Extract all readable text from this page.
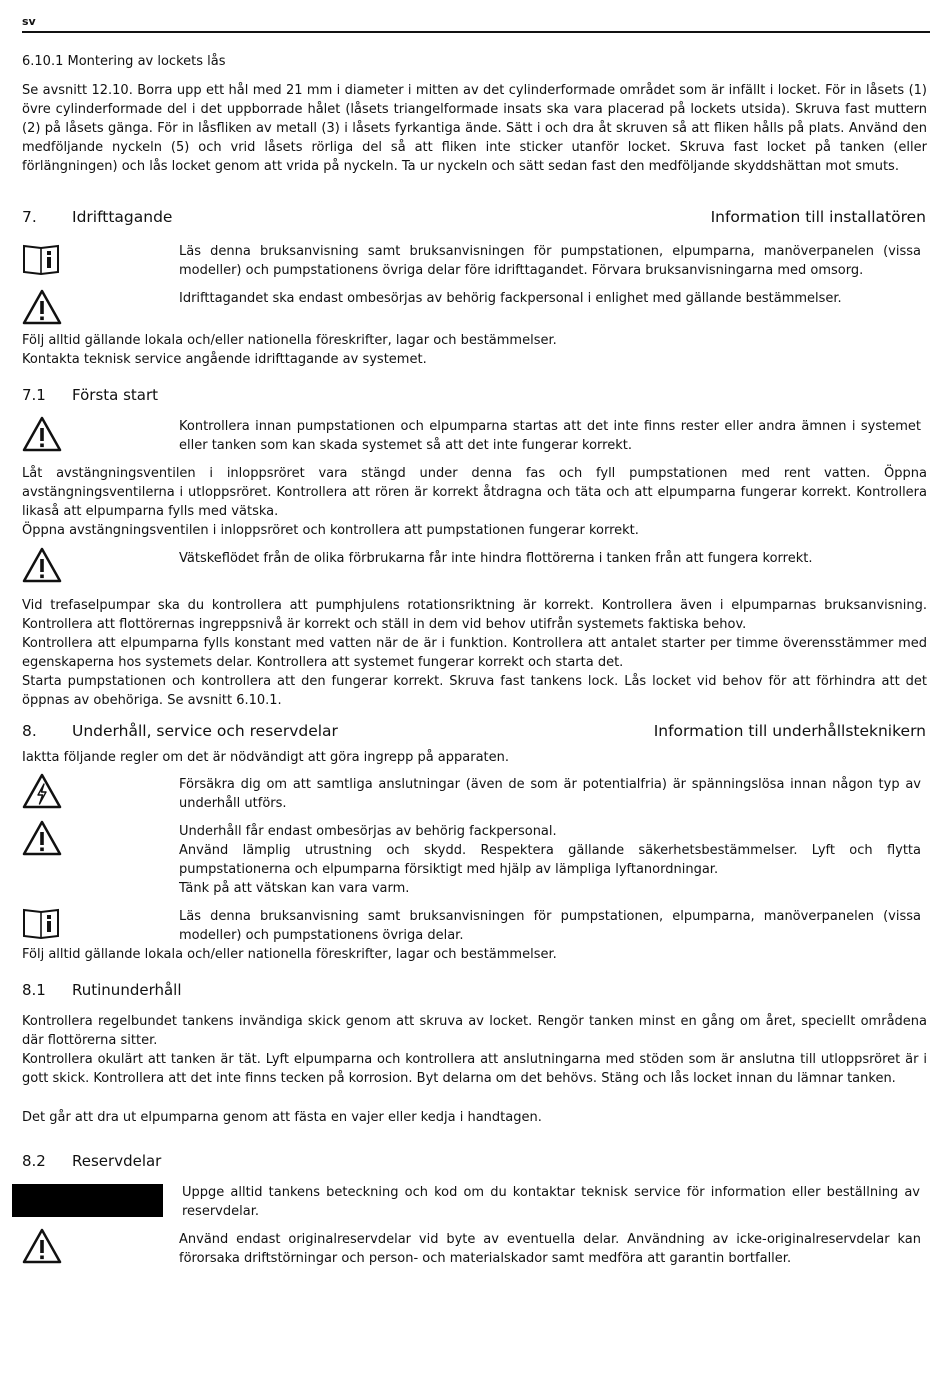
sv
6.10.1 Montering av lockets lås

Se avsnitt 12.10. Borra upp ett hål med 21 mm i diameter i mitten av det cylinderformade området som är infällt i locket. För in låsets (1) övre cylinderformade del i det uppborrade hålet (låsets triangelformade insats ska vara placerad på lockets utsida). Skruva fast muttern (2) på låsets gänga. För in låsfliken av metall (3) i låsets fyrkantiga ände. Sätt i och dra åt skruven så att fliken hålls på plats. Använd den medföljande nyckeln (5) och vrid låsets rörliga del så att fliken inte sticker utanför locket. Skruva fast locket på tanken (eller förlängningen) och lås locket genom att vrida på nyckeln. Ta ur nyckeln och sätt sedan fast den medföljande skyddshättan mot smuts.

7.	Idrifttagande	Information till installatören

Läs denna bruksanvisning samt bruksanvisningen för pumpstationen, elpumparna, manöverpanelen (vissa modeller) och pumpstationens övriga delar före idrifttagandet. Förvara bruksanvisningarna med omsorg.

Idrifttagandet ska endast ombesörjas av behörig fackpersonal i enlighet med gällande bestämmelser.

Följ alltid gällande lokala och/eller nationella föreskrifter, lagar och bestämmelser.

Kontakta teknisk service angående idrifttagande av systemet.

7.1	Första start

Kontrollera innan pumpstationen och elpumparna startas att det inte finns rester eller andra ämnen i systemet eller tanken som kan skada systemet så att det inte fungerar korrekt.

Låt avstängningsventilen i inloppsröret vara stängd under denna fas och fyll pumpstationen med rent vatten. Öppna avstängningsventilerna i utloppsröret. Kontrollera att rören är korrekt åtdragna och täta och att elpumparna fungerar korrekt. Kontrollera likaså att elpumparna fylls med vätska.

Öppna avstängningsventilen i inloppsröret och kontrollera att pumpstationen fungerar korrekt.

Vätskeflödet från de olika förbrukarna får inte hindra flottörerna i tanken från att fungera korrekt.

Vid trefaselpumpar ska du kontrollera att pumphjulens rotationsriktning är korrekt. Kontrollera även i elpumparnas bruksanvisning. Kontrollera att flottörernas ingreppsnivå är korrekt och ställ in dem vid behov utifrån systemets faktiska behov.

Kontrollera att elpumparna fylls konstant med vatten när de är i funktion. Kontrollera att antalet starter per timme överensstämmer med egenskaperna hos systemets delar. Kontrollera att systemet fungerar korrekt och starta det.

Starta pumpstationen och kontrollera att den fungerar korrekt. Skruva fast tankens lock. Lås locket vid behov för att förhindra att det öppnas av obehöriga. Se avsnitt 6.10.1.

8.	Underhåll, service och reservdelar	Information till underhållsteknikern

Iaktta följande regler om det är nödvändigt att göra ingrepp på apparaten.

Försäkra dig om att samtliga anslutningar (även de som är potentialfria) är spänningslösa innan någon typ av underhåll utförs.

Underhåll får endast ombesörjas av behörig fackpersonal.

Använd lämplig utrustning och skydd. Respektera gällande säkerhetsbestämmelser. Lyft och flytta pumpstationerna och elpumparna försiktigt med hjälp av lämpliga lyftanordningar.

Tänk på att vätskan kan vara varm.

Läs denna bruksanvisning samt bruksanvisningen för pumpstationen, elpumparna, manöverpanelen (vissa modeller) och pumpstationens övriga delar.

Följ alltid gällande lokala och/eller nationella föreskrifter, lagar och bestämmelser.

8.1	Rutinunderhåll

Kontrollera regelbundet tankens invändiga skick genom att skruva av locket. Rengör tanken minst en gång om året, speciellt områdena där flottörerna sitter.

Kontrollera okulärt att tanken är tät. Lyft elpumparna och kontrollera att anslutningarna med stöden som är anslutna till utloppsröret är i gott skick. Kontrollera att det inte finns tecken på korrosion. Byt delarna om det behövs. Stäng och lås locket innan du lämnar tanken.

Det går att dra ut elpumparna genom att fästa en vajer eller kedja i handtagen.

8.2	Reservdelar

Uppge alltid tankens beteckning och kod om du kontaktar teknisk service för information eller beställning av reservdelar.

Använd endast originalreservdelar vid byte av eventuella delar. Användning av icke-originalreservdelar kan förorsaka driftstörningar och person- och materialskador samt medföra att garantin bortfaller.
